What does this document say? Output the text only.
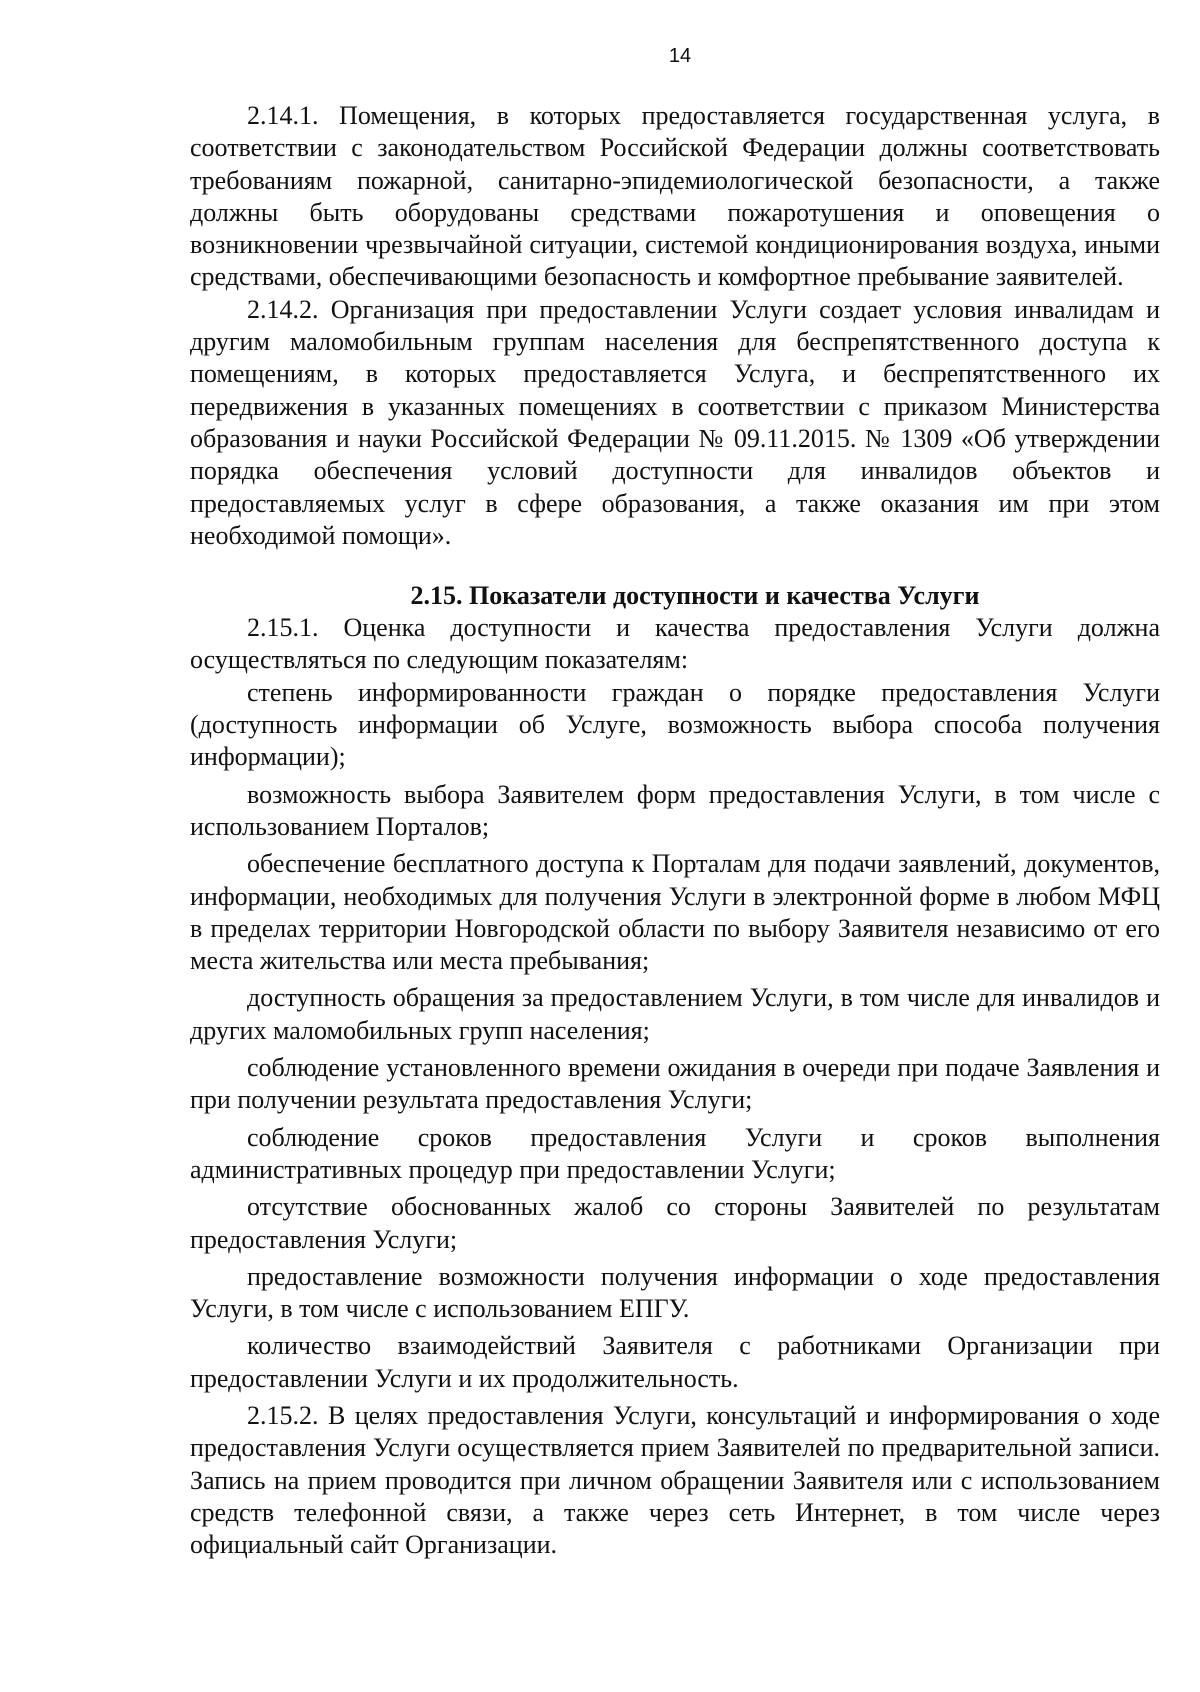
14

2.14.1. Помещения, в которых предоставляется государственная услуга, в соответствии с законодательством Российской Федерации должны соответствовать требованиям пожарной, санитарно-эпидемиологической безопасности, а также должны быть оборудованы средствами пожаротушения и оповещения о возникновении чрезвычайной ситуации, системой кондиционирования воздуха, иными средствами, обеспечивающими безопасность и комфортное пребывание заявителей.

2.14.2. Организация при предоставлении Услуги создает условия инвалидам и другим маломобильным группам населения для беспрепятственного доступа к помещениям, в которых предоставляется Услуга, и беспрепятственного их передвижения в указанных помещениях в соответствии с приказом Министерства образования и науки Российской Федерации № 09.11.2015. № 1309 «Об утверждении порядка обеспечения условий доступности для инвалидов объектов и предоставляемых услуг в сфере образования, а также оказания им при этом необходимой помощи».

2.15. Показатели доступности и качества Услуги

2.15.1. Оценка доступности и качества предоставления Услуги должна осуществляться по следующим показателям:

степень информированности граждан о порядке предоставления Услуги (доступность информации об Услуге, возможность выбора способа получения информации);

возможность выбора Заявителем форм предоставления Услуги, в том числе с использованием Порталов;

обеспечение бесплатного доступа к Порталам для подачи заявлений, документов, информации, необходимых для получения Услуги в электронной форме в любом МФЦ в пределах территории Новгородской области по выбору Заявителя независимо от его места жительства или места пребывания;

доступность обращения за предоставлением Услуги, в том числе для инвалидов и других маломобильных групп населения;

соблюдение установленного времени ожидания в очереди при подаче Заявления и при получении результата предоставления Услуги;

соблюдение сроков предоставления Услуги и сроков выполнения административных процедур при предоставлении Услуги;

отсутствие обоснованных жалоб со стороны Заявителей по результатам предоставления Услуги;

предоставление возможности получения информации о ходе предоставления Услуги, в том числе с использованием ЕПГУ.

количество взаимодействий Заявителя с работниками Организации при предоставлении Услуги и их продолжительность.

2.15.2. В целях предоставления Услуги, консультаций и информирования о ходе предоставления Услуги осуществляется прием Заявителей по предварительной записи. Запись на прием проводится при личном обращении Заявителя или с использованием средств телефонной связи, а также через сеть Интернет, в том числе через официальный сайт Организации.
